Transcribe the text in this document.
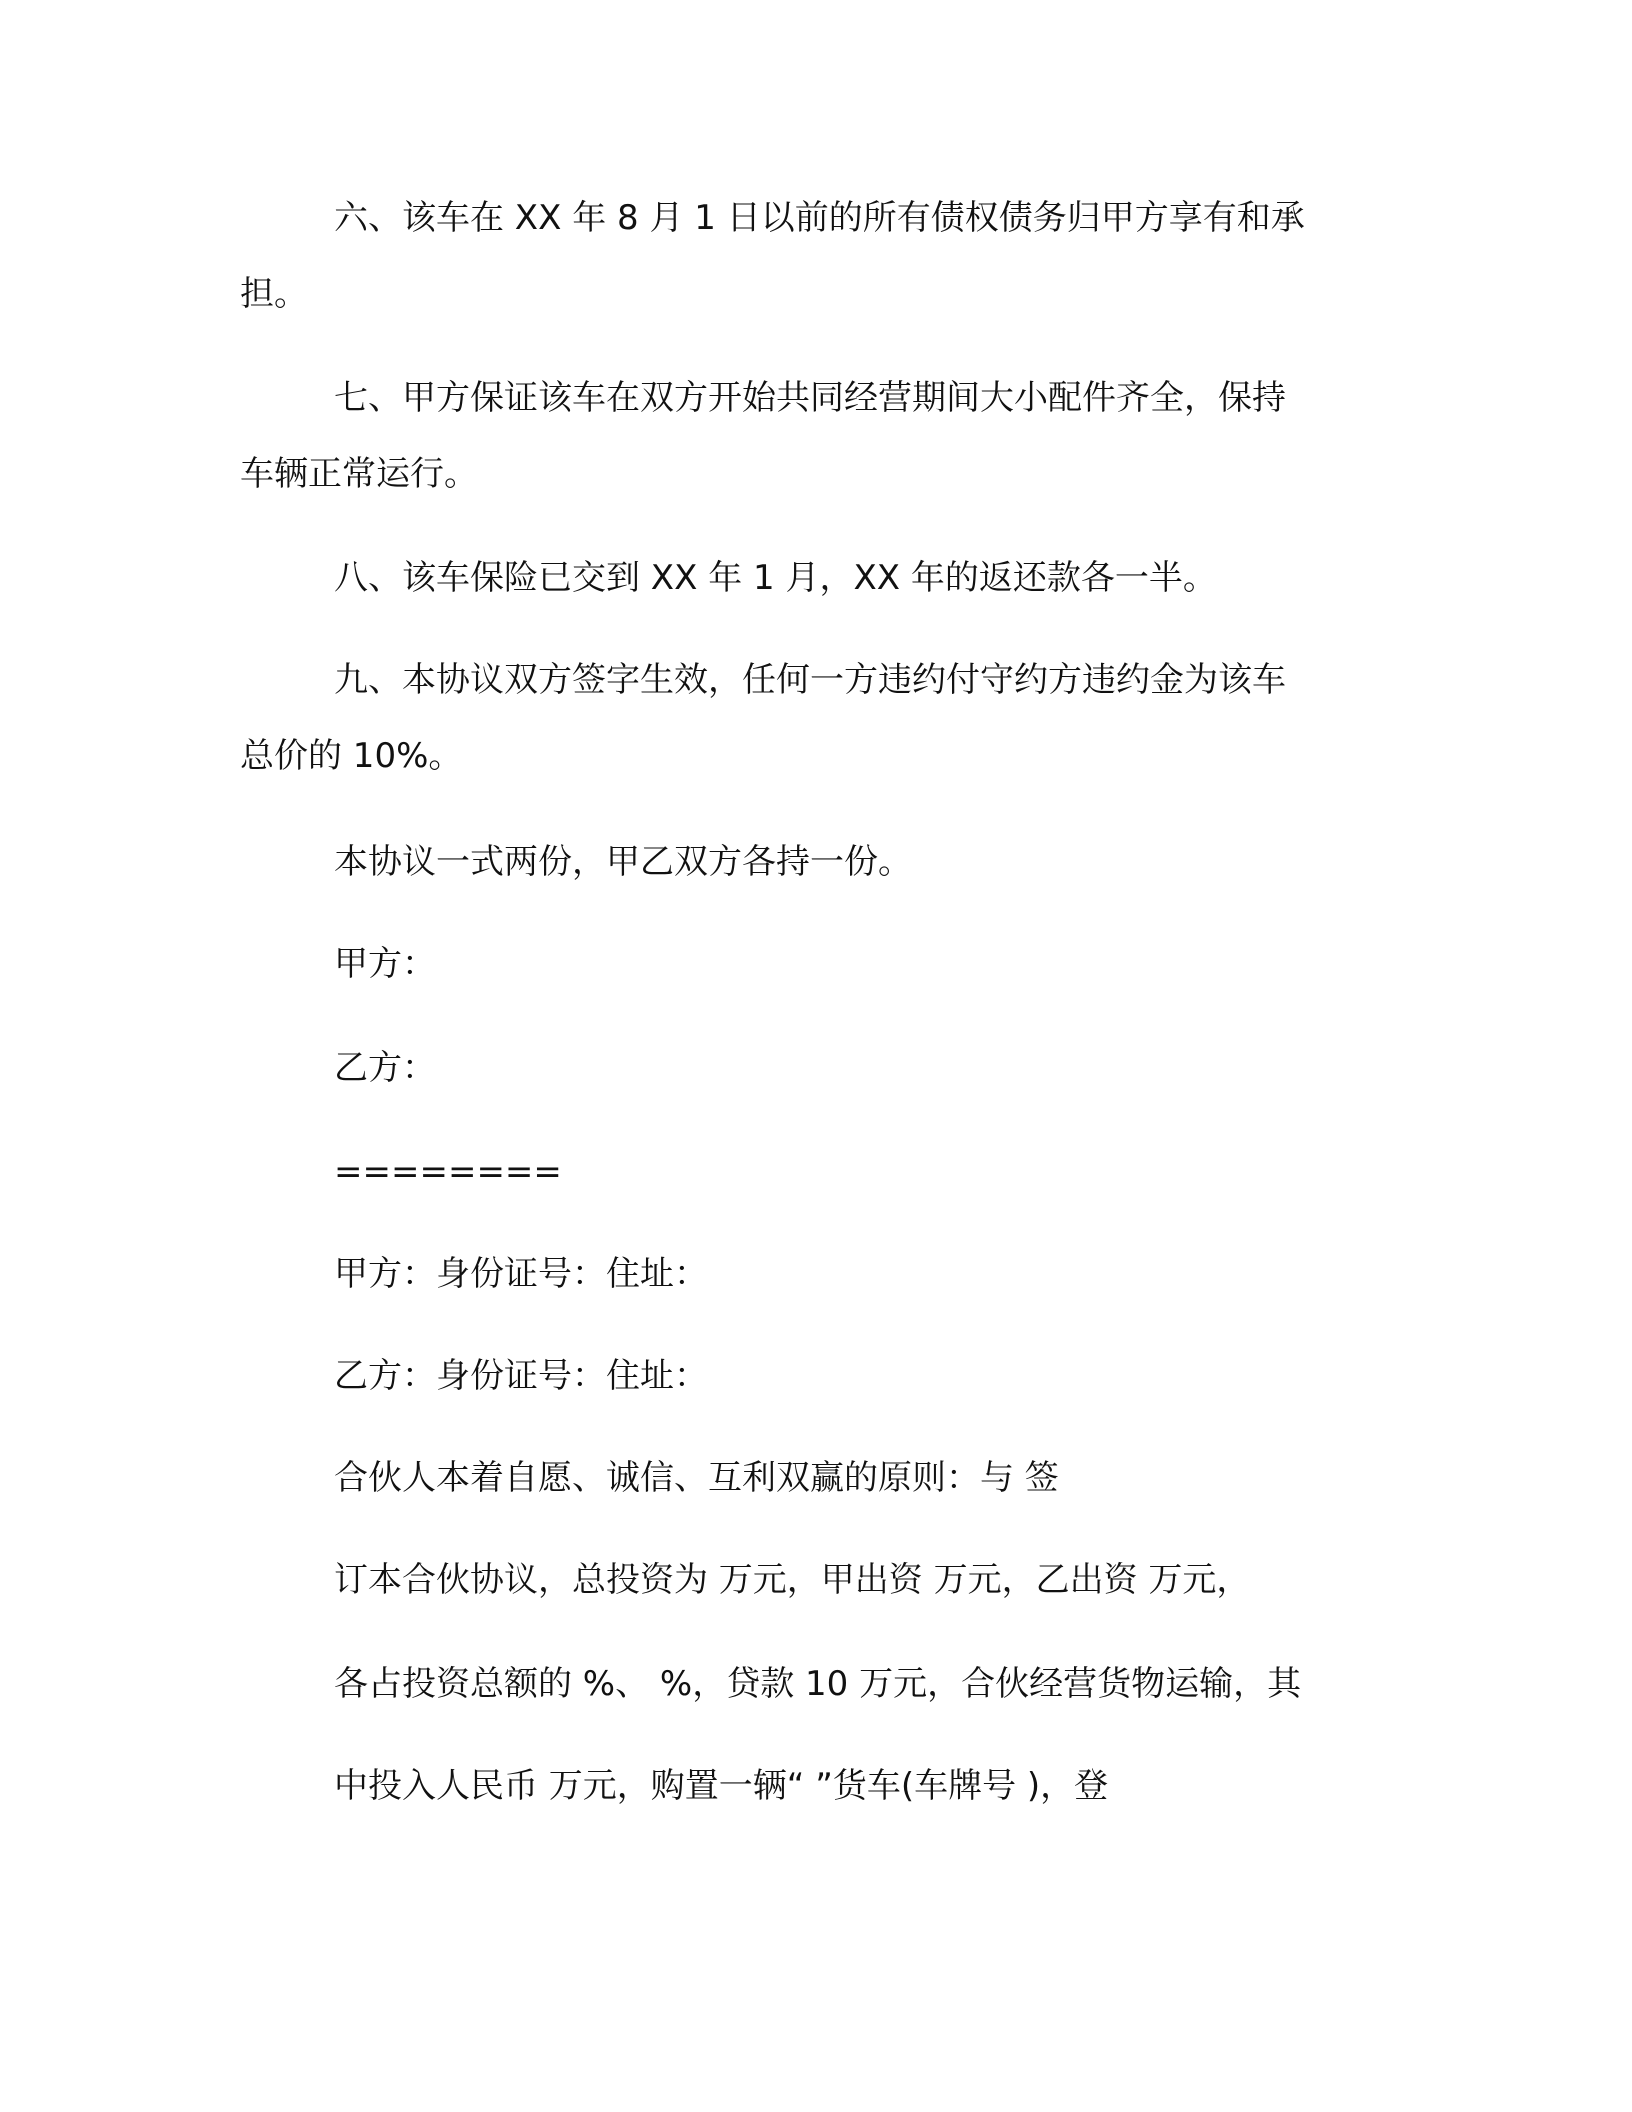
六、该车在 XX 年 8 月 1 日以前的所有债权债务归甲方享有和承
担。
七、甲方保证该车在双方开始共同经营期间大小配件齐全，保持
车辆正常运行。
八、该车保险已交到 XX 年 1 月，XX 年的返还款各一半。
九、本协议双方签字生效，任何一方违约付守约方违约金为该车
总价的 10%。
本协议一式两份，甲乙双方各持一份。
甲方：
乙方：
========
甲方：身份证号：住址：
乙方：身份证号：住址：
合伙人本着自愿、诚信、互利双赢的原则：与 签
订本合伙协议，总投资为 万元，甲出资 万元，乙出资 万元，
各占投资总额的 %、 %，贷款 10 万元，合伙经营货物运输，其
中投入人民币 万元，购置一辆“ ”货车(车牌号 )，登
